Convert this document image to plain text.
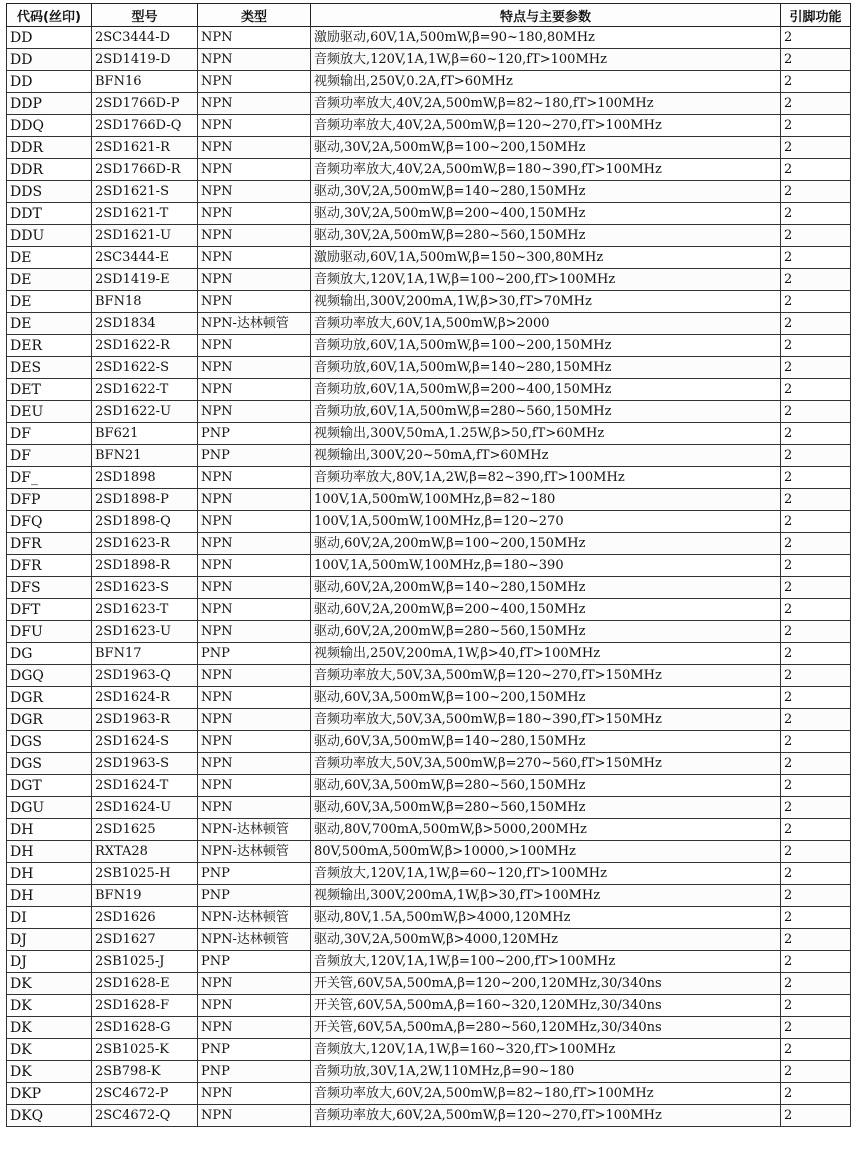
代码(丝印)	型号	类型	特点与主要参数	引脚功能
DD	2SC3444-D	NPN	激励驱动,60V,1A,500mW,β=90~180,80MHz	2
DD	2SD1419-D	NPN	音频放大,120V,1A,1W,β=60~120,fT>100MHz	2
DD	BFN16	NPN	视频输出,250V,0.2A,fT>60MHz	2
DDP	2SD1766D-P	NPN	音频功率放大,40V,2A,500mW,β=82~180,fT>100MHz	2
DDQ	2SD1766D-Q	NPN	音频功率放大,40V,2A,500mW,β=120~270,fT>100MHz	2
DDR	2SD1621-R	NPN	驱动,30V,2A,500mW,β=100~200,150MHz	2
DDR	2SD1766D-R	NPN	音频功率放大,40V,2A,500mW,β=180~390,fT>100MHz	2
DDS	2SD1621-S	NPN	驱动,30V,2A,500mW,β=140~280,150MHz	2
DDT	2SD1621-T	NPN	驱动,30V,2A,500mW,β=200~400,150MHz	2
DDU	2SD1621-U	NPN	驱动,30V,2A,500mW,β=280~560,150MHz	2
DE	2SC3444-E	NPN	激励驱动,60V,1A,500mW,β=150~300,80MHz	2
DE	2SD1419-E	NPN	音频放大,120V,1A,1W,β=100~200,fT>100MHz	2
DE	BFN18	NPN	视频输出,300V,200mA,1W,β>30,fT>70MHz	2
DE	2SD1834	NPN-达林顿管	音频功率放大,60V,1A,500mW,β>2000	2
DER	2SD1622-R	NPN	音频功放,60V,1A,500mW,β=100~200,150MHz	2
DES	2SD1622-S	NPN	音频功放,60V,1A,500mW,β=140~280,150MHz	2
DET	2SD1622-T	NPN	音频功放,60V,1A,500mW,β=200~400,150MHz	2
DEU	2SD1622-U	NPN	音频功放,60V,1A,500mW,β=280~560,150MHz	2
DF	BF621	PNP	视频输出,300V,50mA,1.25W,β>50,fT>60MHz	2
DF	BFN21	PNP	视频输出,300V,20~50mA,fT>60MHz	2
DF_	2SD1898	NPN	音频功率放大,80V,1A,2W,β=82~390,fT>100MHz	2
DFP	2SD1898-P	NPN	100V,1A,500mW,100MHz,β=82~180	2
DFQ	2SD1898-Q	NPN	100V,1A,500mW,100MHz,β=120~270	2
DFR	2SD1623-R	NPN	驱动,60V,2A,200mW,β=100~200,150MHz	2
DFR	2SD1898-R	NPN	100V,1A,500mW,100MHz,β=180~390	2
DFS	2SD1623-S	NPN	驱动,60V,2A,200mW,β=140~280,150MHz	2
DFT	2SD1623-T	NPN	驱动,60V,2A,200mW,β=200~400,150MHz	2
DFU	2SD1623-U	NPN	驱动,60V,2A,200mW,β=280~560,150MHz	2
DG	BFN17	PNP	视频输出,250V,200mA,1W,β>40,fT>100MHz	2
DGQ	2SD1963-Q	NPN	音频功率放大,50V,3A,500mW,β=120~270,fT>150MHz	2
DGR	2SD1624-R	NPN	驱动,60V,3A,500mW,β=100~200,150MHz	2
DGR	2SD1963-R	NPN	音频功率放大,50V,3A,500mW,β=180~390,fT>150MHz	2
DGS	2SD1624-S	NPN	驱动,60V,3A,500mW,β=140~280,150MHz	2
DGS	2SD1963-S	NPN	音频功率放大,50V,3A,500mW,β=270~560,fT>150MHz	2
DGT	2SD1624-T	NPN	驱动,60V,3A,500mW,β=280~560,150MHz	2
DGU	2SD1624-U	NPN	驱动,60V,3A,500mW,β=280~560,150MHz	2
DH	2SD1625	NPN-达林顿管	驱动,80V,700mA,500mW,β>5000,200MHz	2
DH	RXTA28	NPN-达林顿管	80V,500mA,500mW,β>10000,>100MHz	2
DH	2SB1025-H	PNP	音频放大,120V,1A,1W,β=60~120,fT>100MHz	2
DH	BFN19	PNP	视频输出,300V,200mA,1W,β>30,fT>100MHz	2
DI	2SD1626	NPN-达林顿管	驱动,80V,1.5A,500mW,β>4000,120MHz	2
DJ	2SD1627	NPN-达林顿管	驱动,30V,2A,500mW,β>4000,120MHz	2
DJ	2SB1025-J	PNP	音频放大,120V,1A,1W,β=100~200,fT>100MHz	2
DK	2SD1628-E	NPN	开关管,60V,5A,500mA,β=120~200,120MHz,30/340ns	2
DK	2SD1628-F	NPN	开关管,60V,5A,500mA,β=160~320,120MHz,30/340ns	2
DK	2SD1628-G	NPN	开关管,60V,5A,500mA,β=280~560,120MHz,30/340ns	2
DK	2SB1025-K	PNP	音频放大,120V,1A,1W,β=160~320,fT>100MHz	2
DK	2SB798-K	PNP	音频功放,30V,1A,2W,110MHz,β=90~180	2
DKP	2SC4672-P	NPN	音频功率放大,60V,2A,500mW,β=82~180,fT>100MHz	2
DKQ	2SC4672-Q	NPN	音频功率放大,60V,2A,500mW,β=120~270,fT>100MHz	2
